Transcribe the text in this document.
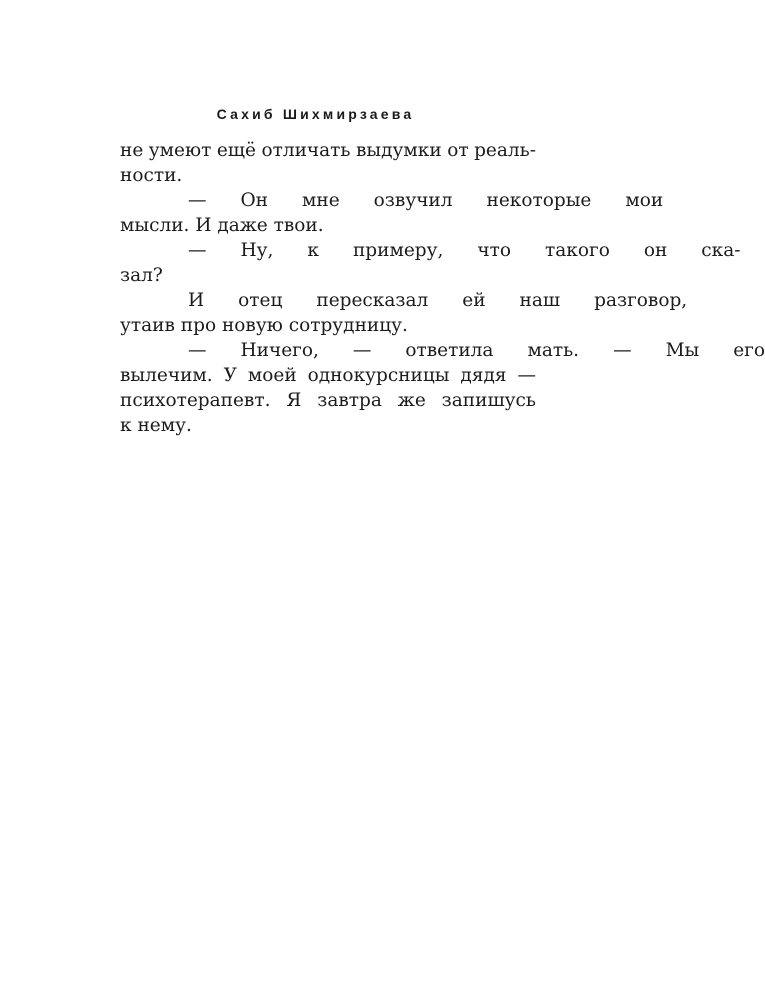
Сахиб Шихмирзаева

не умеют ещё отличать выдумки от реаль-
ности.

—	Он	мне	озвучил	некоторые	мои
мысли. И даже твои.

—	Ну,	к	примеру,	что	такого	он	ска-
зал?

И	отец	пересказал	ей	наш	разговор,
утаив про новую сотрудницу.

—	Ничего,	—	ответила	мать.	—	Мы	его
вылечим. У моей однокурсницы дядя —
психотерапевт. Я завтра же запишусь
к нему.
